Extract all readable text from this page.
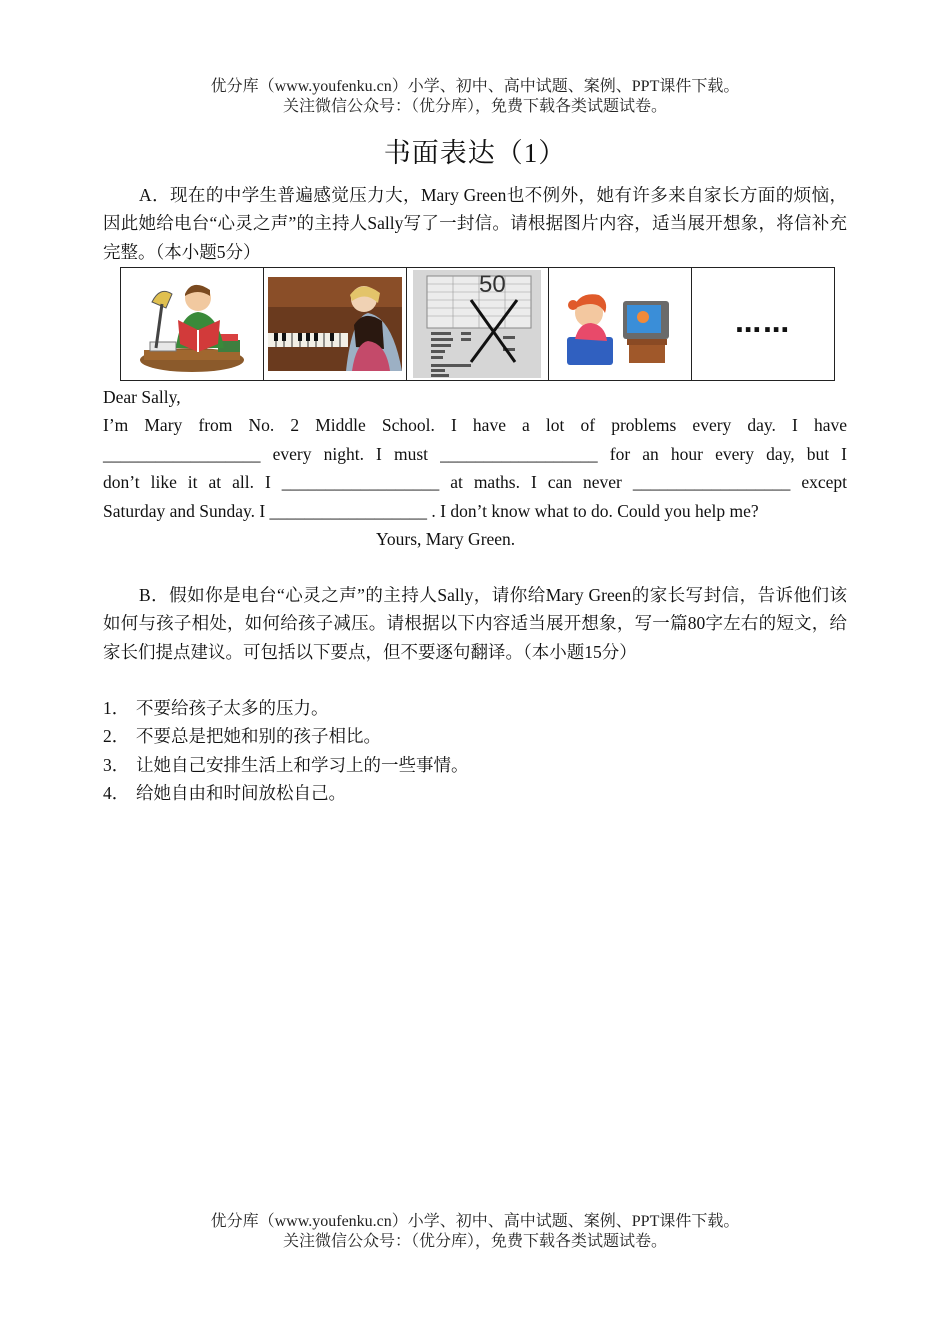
优分库（www.youfenku.cn）小学、初中、高中试题、案例、PPT课件下载。
关注微信公众号：（优分库），免费下载各类试题试卷。
书面表达（1）
A．现在的中学生普遍感觉压力大，Mary Green也不例外，她有许多来自家长方面的烦恼，因此她给电台“心灵之声”的主持人Sally写了一封信。请根据图片内容，适当展开想象，将信补充完整。（本小题5分）
50
……
Dear Sally,
I’m Mary from No. 2 Middle School. I have a lot of problems every day. I have
__________________ every night. I must __________________ for an hour every day, but I
don’t like it at all. I __________________ at maths. I can never __________________ except
Saturday and Sunday. I __________________ . I don’t know what to do. Could you help me?
Yours, Mary Green.
B．假如你是电台“心灵之声”的主持人Sally，请你给Mary Green的家长写封信，告诉他们该如何与孩子相处，如何给孩子减压。请根据以下内容适当展开想象，写一篇80字左右的短文，给家长们提点建议。可包括以下要点，但不要逐句翻译。（本小题15分）
1． 不要给孩子太多的压力。
2． 不要总是把她和别的孩子相比。
3． 让她自己安排生活上和学习上的一些事情。
4． 给她自由和时间放松自己。
优分库（www.youfenku.cn）小学、初中、高中试题、案例、PPT课件下载。
关注微信公众号：（优分库），免费下载各类试题试卷。
